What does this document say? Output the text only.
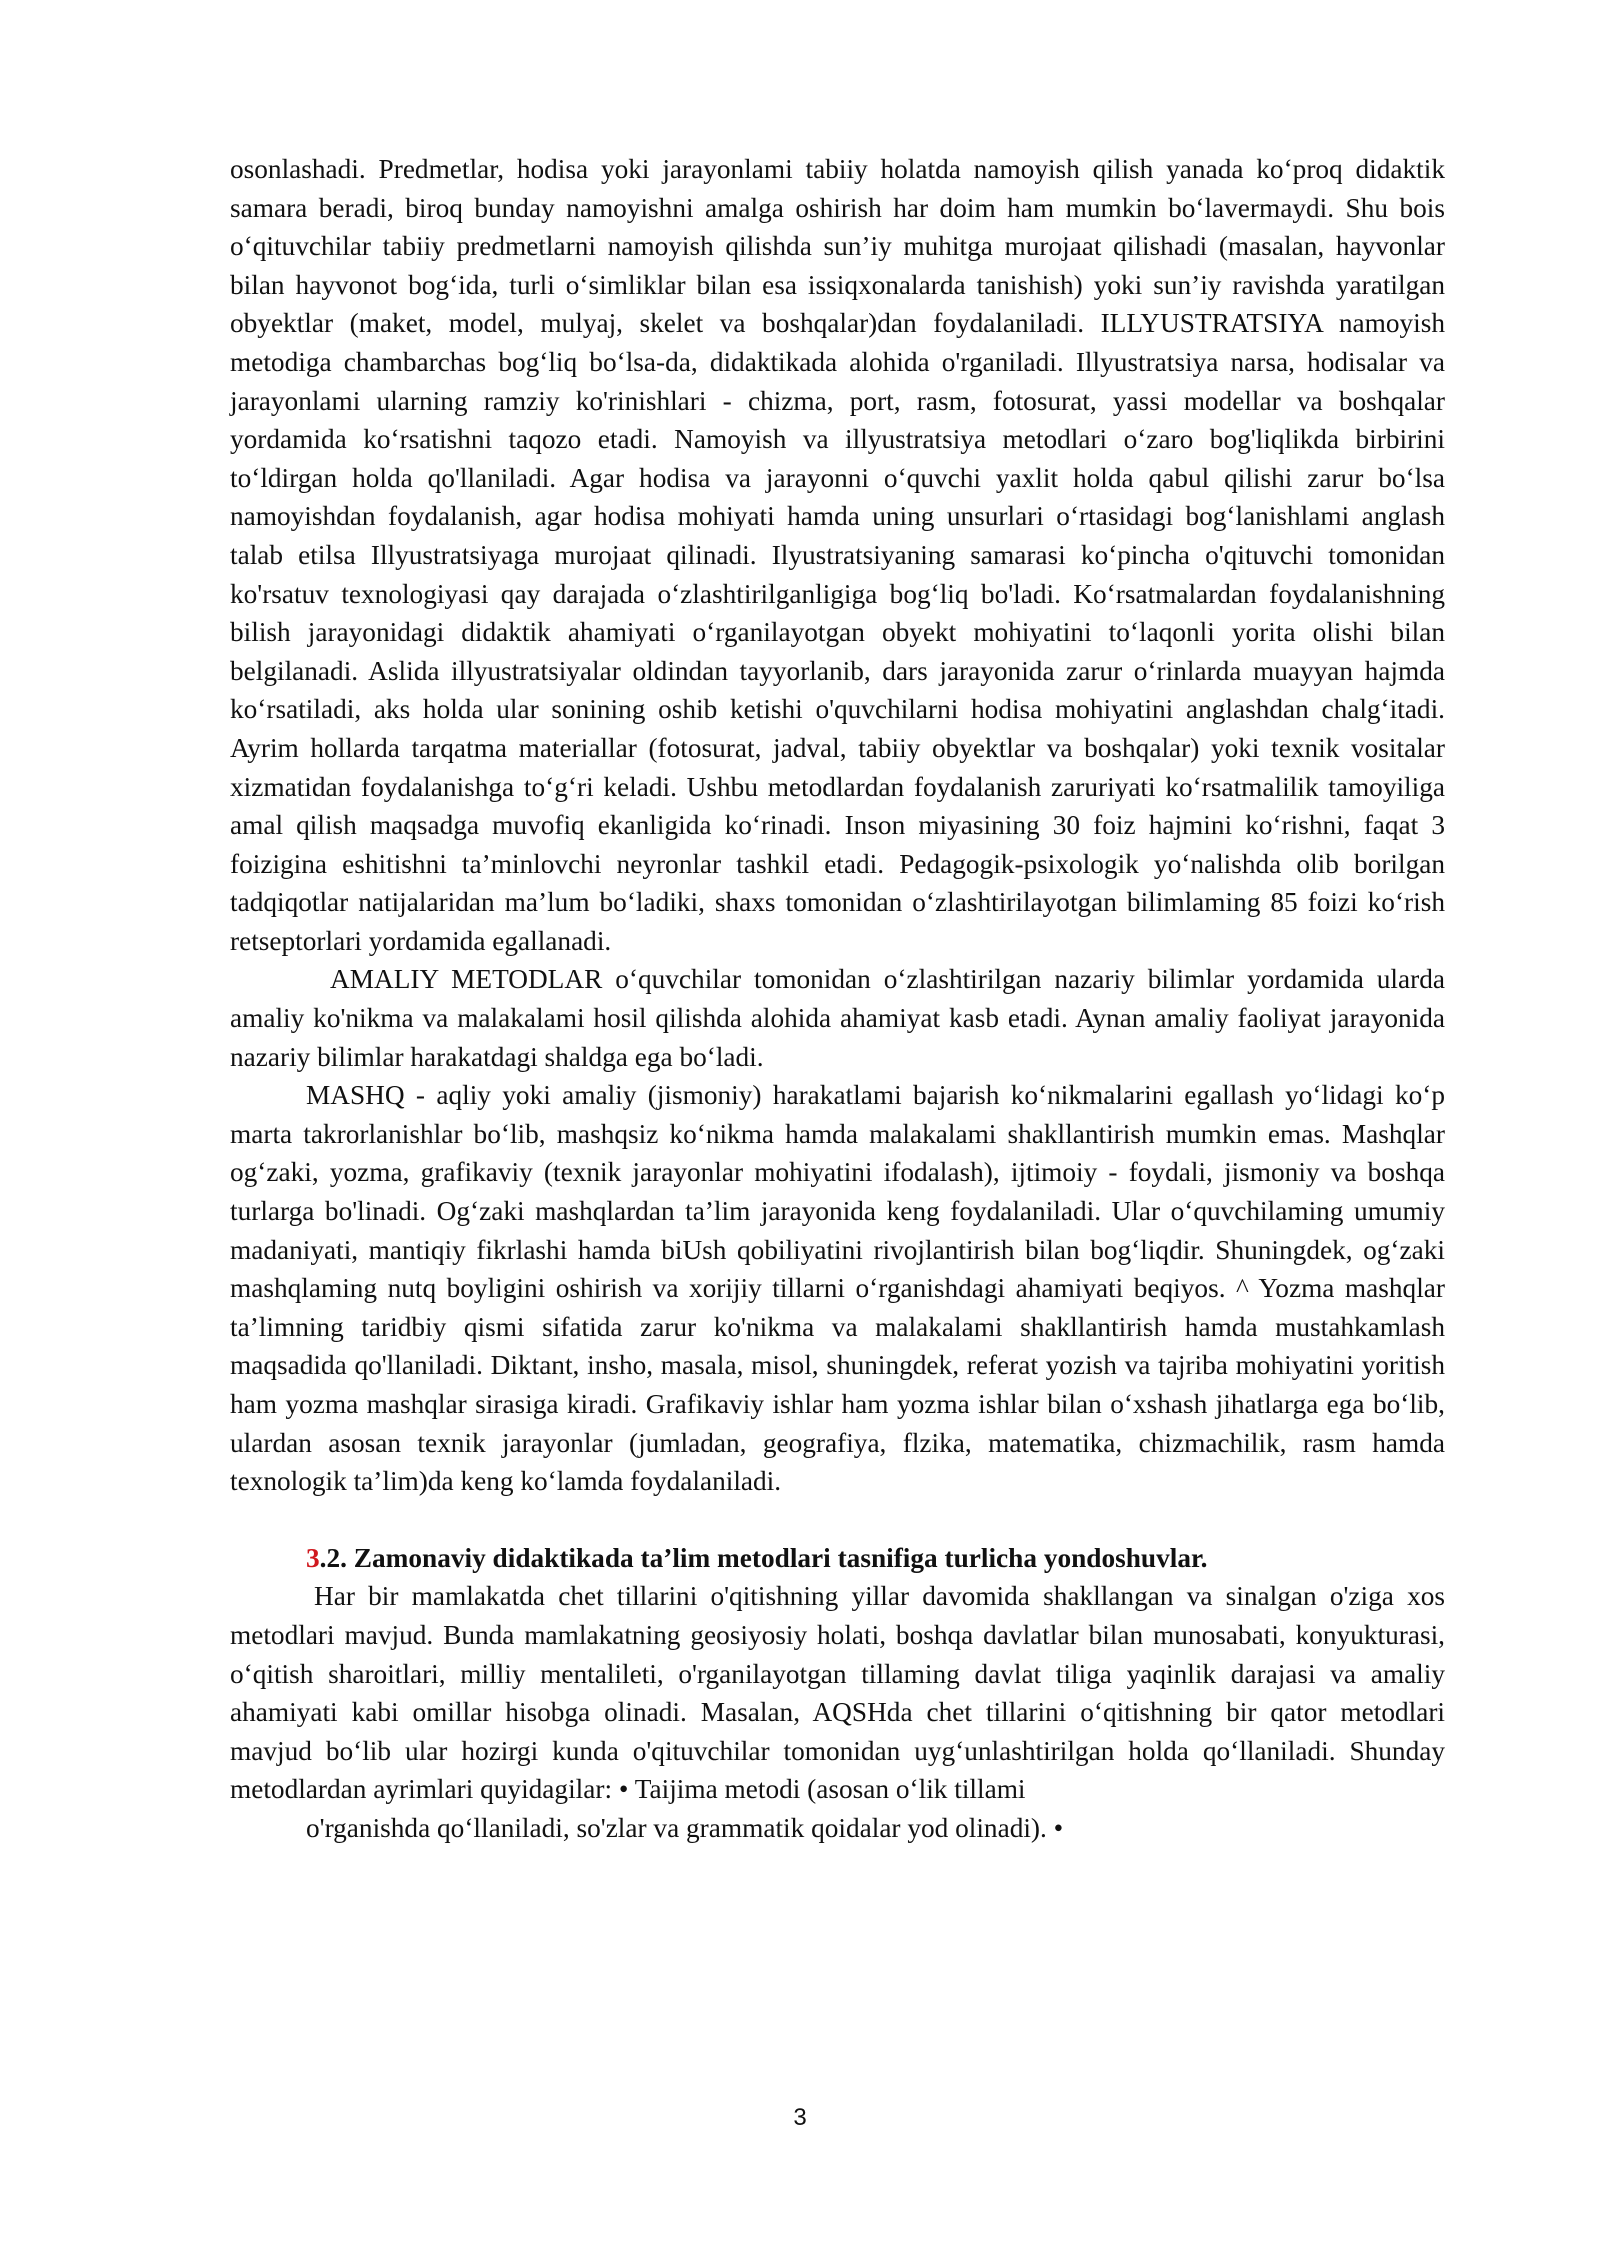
osonlashadi. Predmetlar, hodisa yoki jarayonlami tabiiy holatda namoyish qilish yanada ko‘proq didaktik samara beradi, biroq bunday namoyishni amalga oshirish har doim ham mumkin bo‘lavermaydi. Shu bois o‘qituvchilar tabiiy predmetlarni namoyish qilishda sun’iy muhitga murojaat qilishadi (masalan, hayvonlar bilan hayvonot bog‘ida, turli o‘simliklar bilan esa issiqxonalarda tanishish) yoki sun’iy ravishda yaratilgan obyektlar (maket, model, mulyaj, skelet va boshqalar)dan foydalaniladi. ILLYUSTRATSIYA namoyish metodiga chambarchas bog‘liq bo‘lsa-da, didaktikada alohida o'rganiladi. Illyustratsiya narsa, hodisalar va jarayonlami ularning ramziy ko'rinishlari - chizma, port, rasm, fotosurat, yassi modellar va boshqalar yordamida ko‘rsatishni taqozo etadi. Namoyish va illyustratsiya metodlari o‘zaro bog'liqlikda birbirini to‘ldirgan holda qo'llaniladi. Agar hodisa va jarayonni o‘quvchi yaxlit holda qabul qilishi zarur bo‘lsa namoyishdan foydalanish, agar hodisa mohiyati hamda uning unsurlari o‘rtasidagi bog‘lanishlami anglash talab etilsa Illyustratsiyaga murojaat qilinadi. Ilyustratsiyaning samarasi ko‘pincha o'qituvchi tomonidan ko'rsatuv texnologiyasi qay darajada o‘zlashtirilganligiga bog‘liq bo'ladi. Ko‘rsatmalardan foydalanishning bilish jarayonidagi didaktik ahamiyati o‘rganilayotgan obyekt mohiyatini to‘laqonli yorita olishi bilan belgilanadi. Aslida illyustratsiyalar oldindan tayyorlanib, dars jarayonida zarur o‘rinlarda muayyan hajmda ko‘rsatiladi, aks holda ular sonining oshib ketishi o'quvchilarni hodisa mohiyatini anglashdan chalg‘itadi. Ayrim hollarda tarqatma materiallar (fotosurat, jadval, tabiiy obyektlar va boshqalar) yoki texnik vositalar xizmatidan foydalanishga to‘g‘ri keladi. Ushbu metodlardan foydalanish zaruriyati ko‘rsatmalilik tamoyiliga amal qilish maqsadga muvofiq ekanligida ko‘rinadi. Inson miyasining 30 foiz hajmini ko‘rishni, faqat 3 foizigina eshitishni ta’minlovchi neyronlar tashkil etadi. Pedagogik-psixologik yo‘nalishda olib borilgan tadqiqotlar natijalaridan ma’lum bo‘ladiki, shaxs tomonidan o‘zlashtirilayotgan bilimlaming 85 foizi ko‘rish retseptorlari yordamida egallanadi.

AMALIY METODLAR o‘quvchilar tomonidan o‘zlashtirilgan nazariy bilimlar yordamida ularda amaliy ko'nikma va malakalami hosil qilishda alohida ahamiyat kasb etadi. Aynan amaliy faoliyat jarayonida nazariy bilimlar harakatdagi shaldga ega bo‘ladi.

MASHQ - aqliy yoki amaliy (jismoniy) harakatlami bajarish ko‘nikmalarini egallash yo‘lidagi ko‘p marta takrorlanishlar bo‘lib, mashqsiz ko‘nikma hamda malakalami shakllantirish mumkin emas. Mashqlar og‘zaki, yozma, grafikaviy (texnik jarayonlar mohiyatini ifodalash), ijtimoiy - foydali, jismoniy va boshqa turlarga bo'linadi. Og‘zaki mashqlardan ta’lim jarayonida keng foydalaniladi. Ular o‘quvchilaming umumiy madaniyati, mantiqiy fikrlashi hamda biUsh qobiliyatini rivojlantirish bilan bog‘liqdir. Shuningdek, og‘zaki mashqlaming nutq boyligini oshirish va xorijiy tillarni o‘rganishdagi ahamiyati beqiyos. ^ Yozma mashqlar ta’limning taridbiy qismi sifatida zarur ko'nikma va malakalami shakllantirish hamda mustahkamlash maqsadida qo'llaniladi. Diktant, insho, masala, misol, shuningdek, referat yozish va tajriba mohiyatini yoritish ham yozma mashqlar sirasiga kiradi. Grafikaviy ishlar ham yozma ishlar bilan o‘xshash jihatlarga ega bo‘lib, ulardan asosan texnik jarayonlar (jumladan, geografiya, flzika, matematika, chizmachilik, rasm hamda texnologik ta’lim)da keng ko‘lamda foydalaniladi.

3.2. Zamonaviy didaktikada ta’lim metodlari tasnifiga turlicha yondoshuvlar.

Har bir mamlakatda chet tillarini o'qitishning yillar davomida shakllangan va sinalgan o'ziga xos metodlari mavjud. Bunda mamlakatning geosiyosiy holati, boshqa davlatlar bilan munosabati, konyukturasi, o‘qitish sharoitlari, milliy mentalileti, o'rganilayotgan tillaming davlat tiliga yaqinlik darajasi va amaliy ahamiyati kabi omillar hisobga olinadi. Masalan, AQSHda chet tillarini o‘qitishning bir qator metodlari mavjud bo‘lib ular hozirgi kunda o'qituvchilar tomonidan uyg‘unlashtirilgan holda qo‘llaniladi. Shunday metodlardan ayrimlari quyidagilar: • Taijima metodi (asosan o‘lik tillami

o'rganishda qo‘llaniladi, so'zlar va grammatik qoidalar yod olinadi). •

3
